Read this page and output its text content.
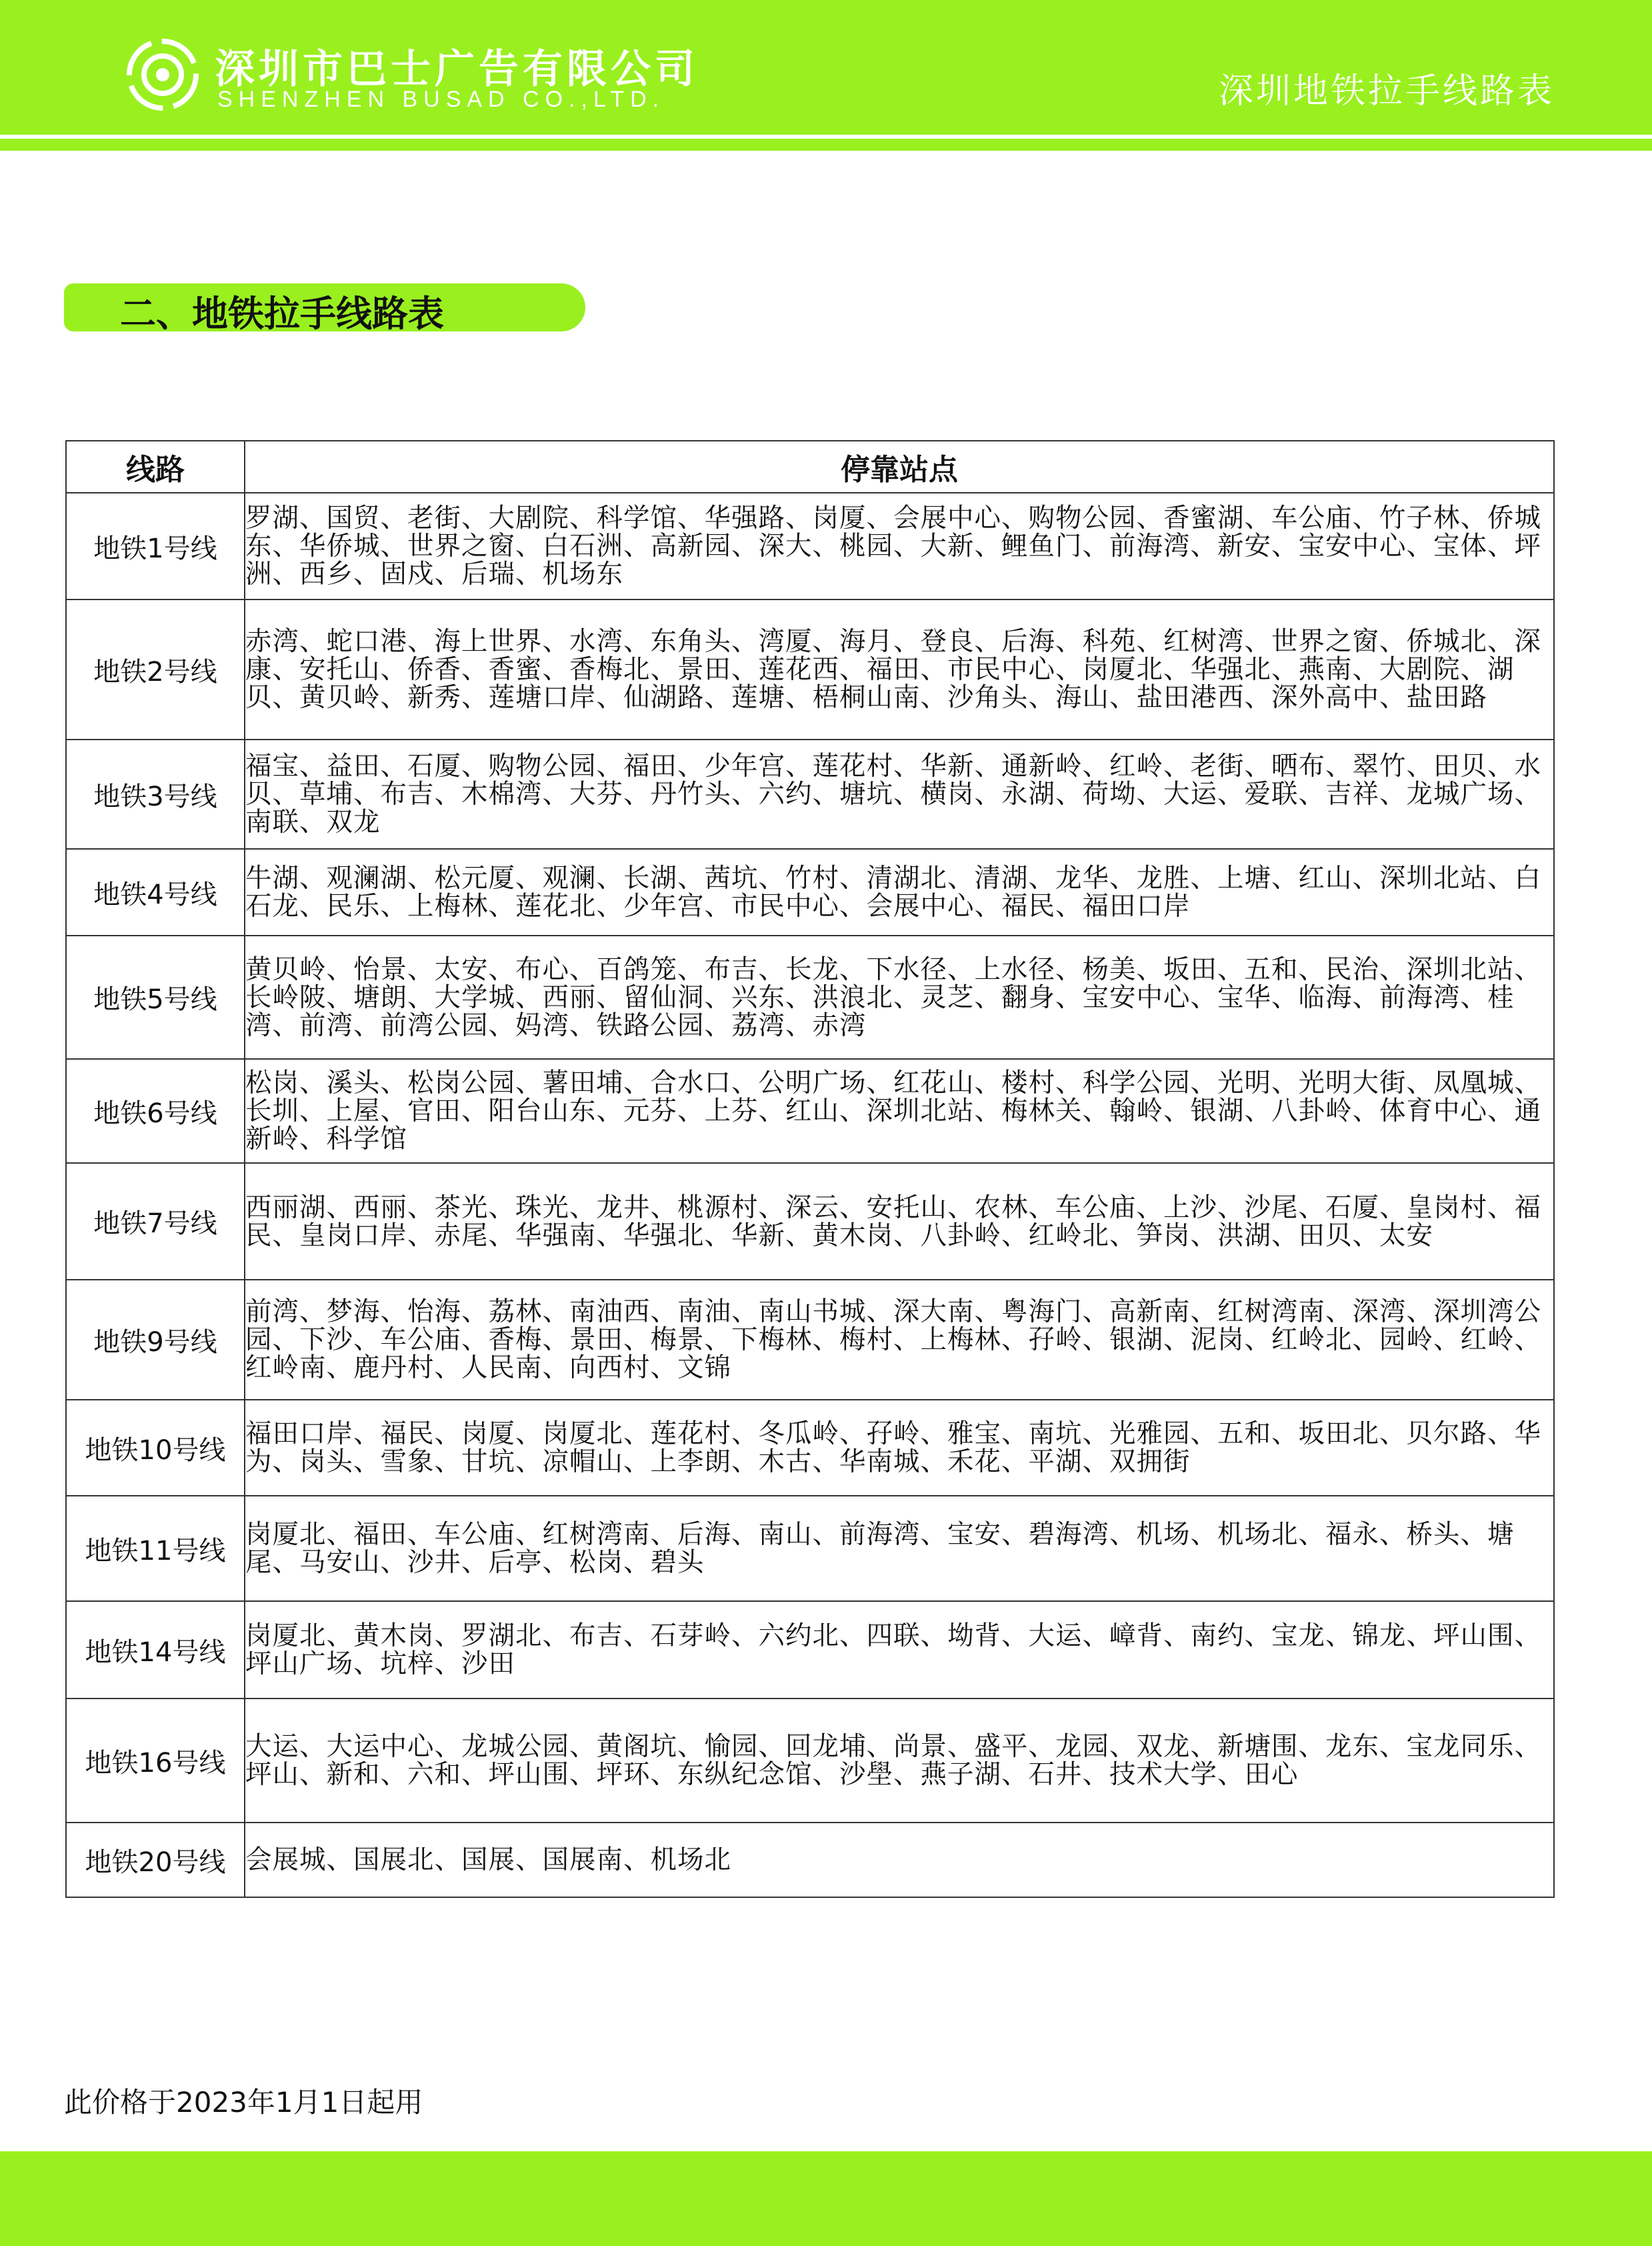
深圳市巴士广告有限公司
SHENZHEN BUSAD CO.,LTD.	深圳地铁拉手线路表
二、地铁拉手线路表
线路	停靠站点
地铁1号线	罗湖、国贸、老街、大剧院、科学馆、华强路、岗厦、会展中心、购物公园、香蜜湖、车公庙、竹子林、侨城东、华侨城、世界之窗、白石洲、高新园、深大、桃园、大新、鲤鱼门、前海湾、新安、宝安中心、宝体、坪洲、西乡、固戍、后瑞、机场东
地铁2号线	赤湾、蛇口港、海上世界、水湾、东角头、湾厦、海月、登良、后海、科苑、红树湾、世界之窗、侨城北、深康、安托山、侨香、香蜜、香梅北、景田、莲花西、福田、市民中心、岗厦北、华强北、燕南、大剧院、湖贝、黄贝岭、新秀、莲塘口岸、仙湖路、莲塘、梧桐山南、沙角头、海山、盐田港西、深外高中、盐田路
地铁3号线	福宝、益田、石厦、购物公园、福田、少年宫、莲花村、华新、通新岭、红岭、老街、晒布、翠竹、田贝、水贝、草埔、布吉、木棉湾、大芬、丹竹头、六约、塘坑、横岗、永湖、荷坳、大运、爱联、吉祥、龙城广场、南联、双龙
地铁4号线	牛湖、观澜湖、松元厦、观澜、长湖、茜坑、竹村、清湖北、清湖、龙华、龙胜、上塘、红山、深圳北站、白石龙、民乐、上梅林、莲花北、少年宫、市民中心、会展中心、福民、福田口岸
地铁5号线	黄贝岭、怡景、太安、布心、百鸽笼、布吉、长龙、下水径、上水径、杨美、坂田、五和、民治、深圳北站、长岭陂、塘朗、大学城、西丽、留仙洞、兴东、洪浪北、灵芝、翻身、宝安中心、宝华、临海、前海湾、桂湾、前湾、前湾公园、妈湾、铁路公园、荔湾、赤湾
地铁6号线	松岗、溪头、松岗公园、薯田埔、合水口、公明广场、红花山、楼村、科学公园、光明、光明大街、凤凰城、长圳、上屋、官田、阳台山东、元芬、上芬、红山、深圳北站、梅林关、翰岭、银湖、八卦岭、体育中心、通新岭、科学馆
地铁7号线	西丽湖、西丽、茶光、珠光、龙井、桃源村、深云、安托山、农林、车公庙、上沙、沙尾、石厦、皇岗村、福民、皇岗口岸、赤尾、华强南、华强北、华新、黄木岗、八卦岭、红岭北、笋岗、洪湖、田贝、太安
地铁9号线	前湾、梦海、怡海、荔林、南油西、南油、南山书城、深大南、粤海门、高新南、红树湾南、深湾、深圳湾公园、下沙、车公庙、香梅、景田、梅景、下梅林、梅村、上梅林、孖岭、银湖、泥岗、红岭北、园岭、红岭、红岭南、鹿丹村、人民南、向西村、文锦
地铁10号线	福田口岸、福民、岗厦、岗厦北、莲花村、冬瓜岭、孖岭、雅宝、南坑、光雅园、五和、坂田北、贝尔路、华为、岗头、雪象、甘坑、凉帽山、上李朗、木古、华南城、禾花、平湖、双拥街
地铁11号线	岗厦北、福田、车公庙、红树湾南、后海、南山、前海湾、宝安、碧海湾、机场、机场北、福永、桥头、塘尾、马安山、沙井、后亭、松岗、碧头
地铁14号线	岗厦北、黄木岗、罗湖北、布吉、石芽岭、六约北、四联、坳背、大运、嶂背、南约、宝龙、锦龙、坪山围、坪山广场、坑梓、沙田
地铁16号线	大运、大运中心、龙城公园、黄阁坑、愉园、回龙埔、尚景、盛平、龙园、双龙、新塘围、龙东、宝龙同乐、坪山、新和、六和、坪山围、坪环、东纵纪念馆、沙壆、燕子湖、石井、技术大学、田心
地铁20号线	会展城、国展北、国展、国展南、机场北
此价格于2023年1月1日起用
